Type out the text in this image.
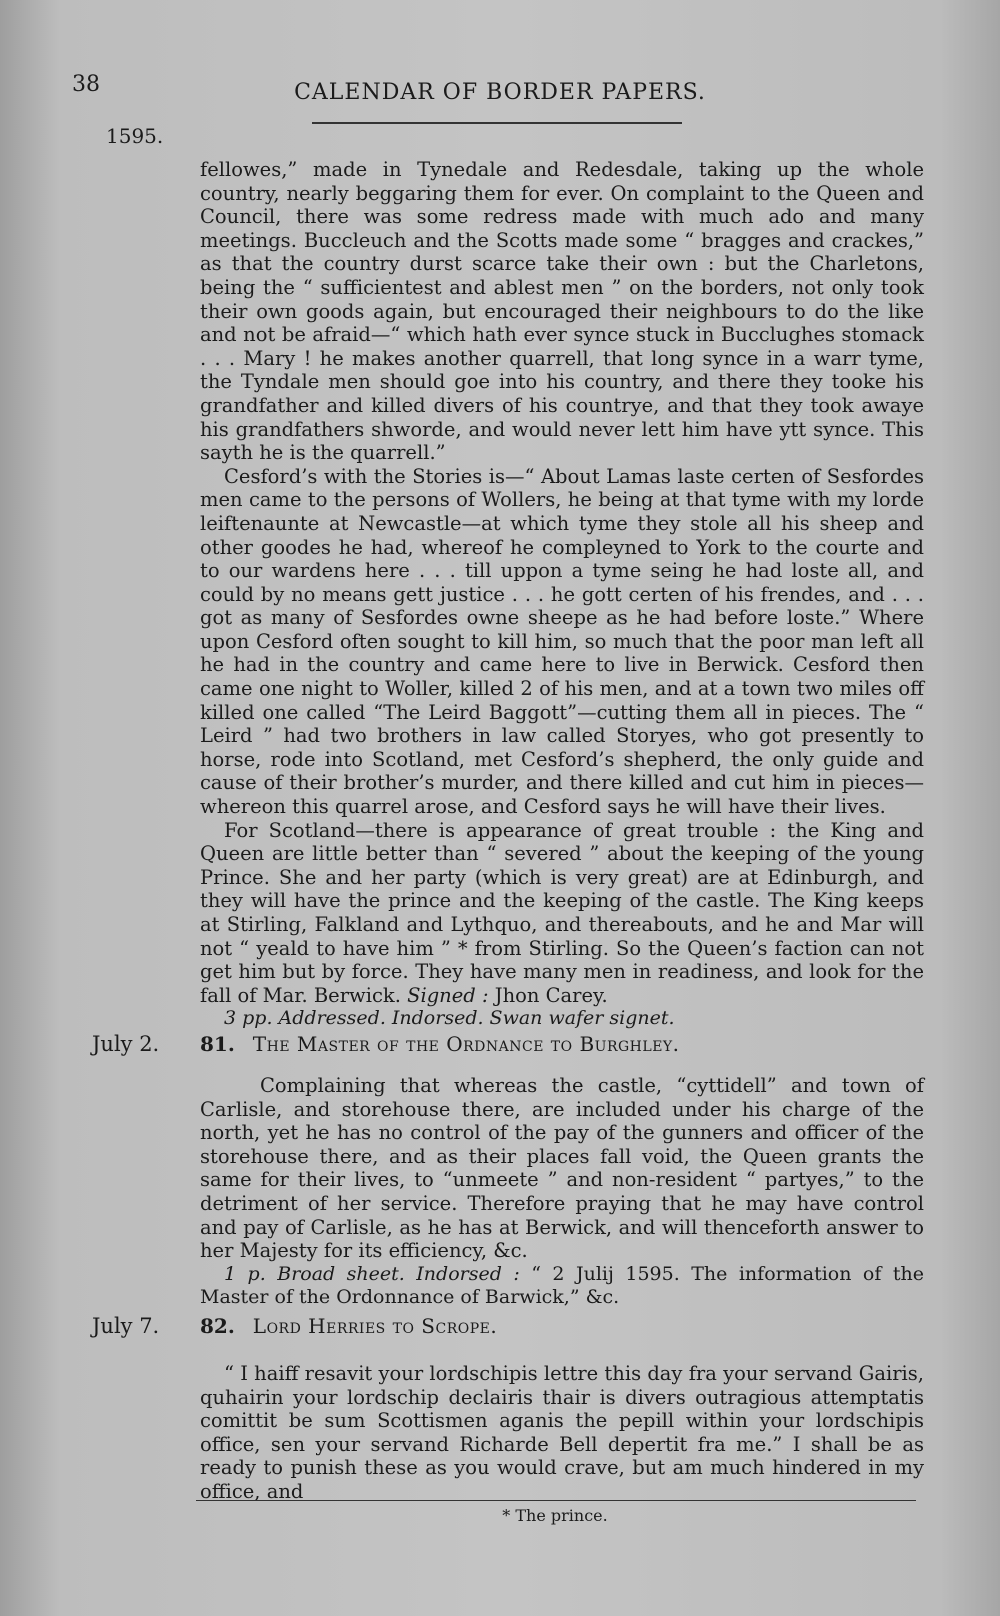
38	CALENDAR OF BORDER PAPERS.
1595.

fellowes,” made in Tynedale and Redesdale, taking up the whole country, nearly beggaring them for ever. On complaint to the Queen and Council, there was some redress made with much ado and many meetings. Buccleuch and the Scotts made some “ bragges and crackes,” as that the country durst scarce take their own : but the Charletons, being the “ sufficientest and ablest men ” on the borders, not only took their own goods again, but encouraged their neighbours to do the like and not be afraid—“ which hath ever synce stuck in Bucclughes stomack . . . Mary ! he makes another quarrell, that long synce in a warr tyme, the Tyndale men should goe into his country, and there they tooke his grandfather and killed divers of his countrye, and that they took awaye his grandfathers shworde, and would never lett him have ytt synce. This sayth he is the quarrell.”

Cesford’s with the Stories is—“ About Lamas laste certen of Sesfordes men came to the persons of Wollers, he being at that tyme with my lorde leiftenaunte at Newcastle—at which tyme they stole all his sheep and other goodes he had, whereof he compleyned to York to the courte and to our wardens here . . . till uppon a tyme seing he had loste all, and could by no means gett justice . . . he gott certen of his frendes, and . . . got as many of Sesfordes owne sheepe as he had before loste.” Where upon Cesford often sought to kill him, so much that the poor man left all he had in the country and came here to live in Berwick. Cesford then came one night to Woller, killed 2 of his men, and at a town two miles off killed one called “The Leird Baggott”—cutting them all in pieces. The “ Leird ” had two brothers in law called Storyes, who got presently to horse, rode into Scotland, met Cesford’s shepherd, the only guide and cause of their brother’s murder, and there killed and cut him in pieces—whereon this quarrel arose, and Cesford says he will have their lives.

For Scotland—there is appearance of great trouble : the King and Queen are little better than “ severed ” about the keeping of the young Prince. She and her party (which is very great) are at Edinburgh, and they will have the prince and the keeping of the castle. The King keeps at Stirling, Falkland and Lythquo, and thereabouts, and he and Mar will not “ yeald to have him ” * from Stirling. So the Queen’s faction can not get him but by force. They have many men in readiness, and look for the fall of Mar. Berwick. Signed : Jhon Carey.

3 pp. Addressed. Indorsed. Swan wafer signet.

July 2. 81. The Master of the Ordnance to Burghley.

Complaining that whereas the castle, “cyttidell” and town of Carlisle, and storehouse there, are included under his charge of the north, yet he has no control of the pay of the gunners and officer of the storehouse there, and as their places fall void, the Queen grants the same for their lives, to “unmeete ” and non-resident “ partyes,” to the detriment of her service. Therefore praying that he may have control and pay of Carlisle, as he has at Berwick, and will thenceforth answer to her Majesty for its efficiency, &c.

1 p. Broad sheet. Indorsed : “ 2 Julij 1595. The information of the Master of the Ordonnance of Barwick,” &c.

July 7. 82. Lord Herries to Scrope.

“ I haiff resavit your lordschipis lettre this day fra your servand Gairis, quhairin your lordschip declairis thair is divers outragious attemptatis comittit be sum Scottismen aganis the pepill within your lordschipis office, sen your servand Richarde Bell depertit fra me.” I shall be as ready to punish these as you would crave, but am much hindered in my office, and

* The prince.
